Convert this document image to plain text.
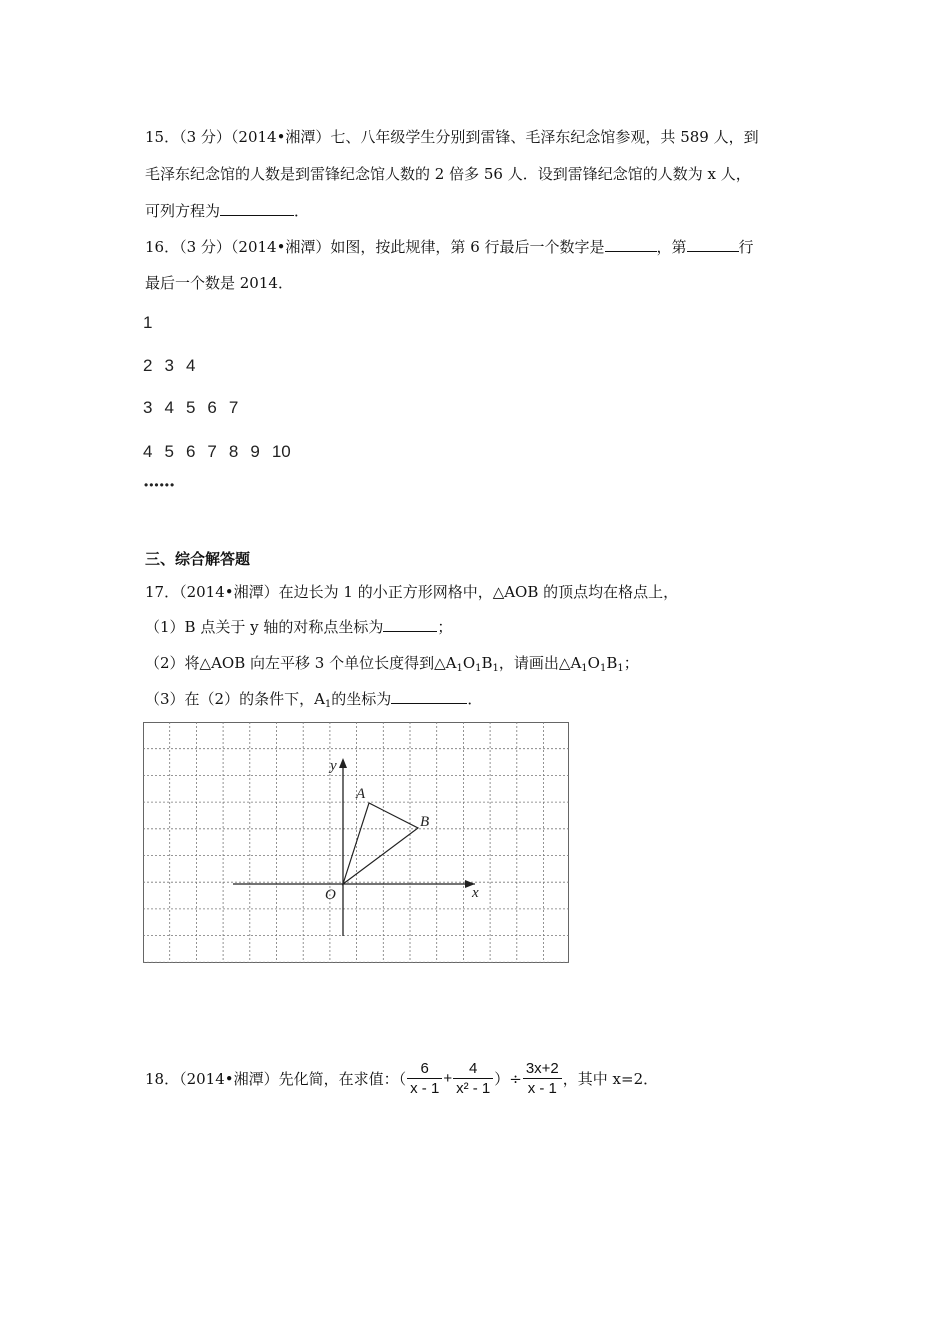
15．（3 分）（2014•湘潭）七、八年级学生分别到雷锋、毛泽东纪念馆参观，共 589 人，到
毛泽东纪念馆的人数是到雷锋纪念馆人数的 2 倍多 56 人．设到雷锋纪念馆的人数为 x 人，
可列方程为	．
16．（3 分）（2014•湘潭）如图，按此规律，第 6 行最后一个数字是	，第	行
最后一个数是 2014．
1
2 3 4
3 4 5 6 7
4 5 6 7 8 9 10
••••••
三、综合解答题
17．（2014•湘潭）在边长为 1 的小正方形网格中，△AOB 的顶点均在格点上，
（1）B 点关于 y 轴的对称点坐标为	；
（2）将△AOB 向左平移 3 个单位长度得到$\triangle A_1O_1B_1$，请画出$\triangle A_1O_1B_1$；
（3）在（2）的条件下，$A_1$的坐标为	．
y
x
O
A
B
18．（2014•湘潭）先化简，在求值：（ $\frac{6}{x - 1} + \frac{4}{\text{x² - 1}}$ ）÷ $\frac{3x+2}{x - 1}$ ，其中 x=2．
